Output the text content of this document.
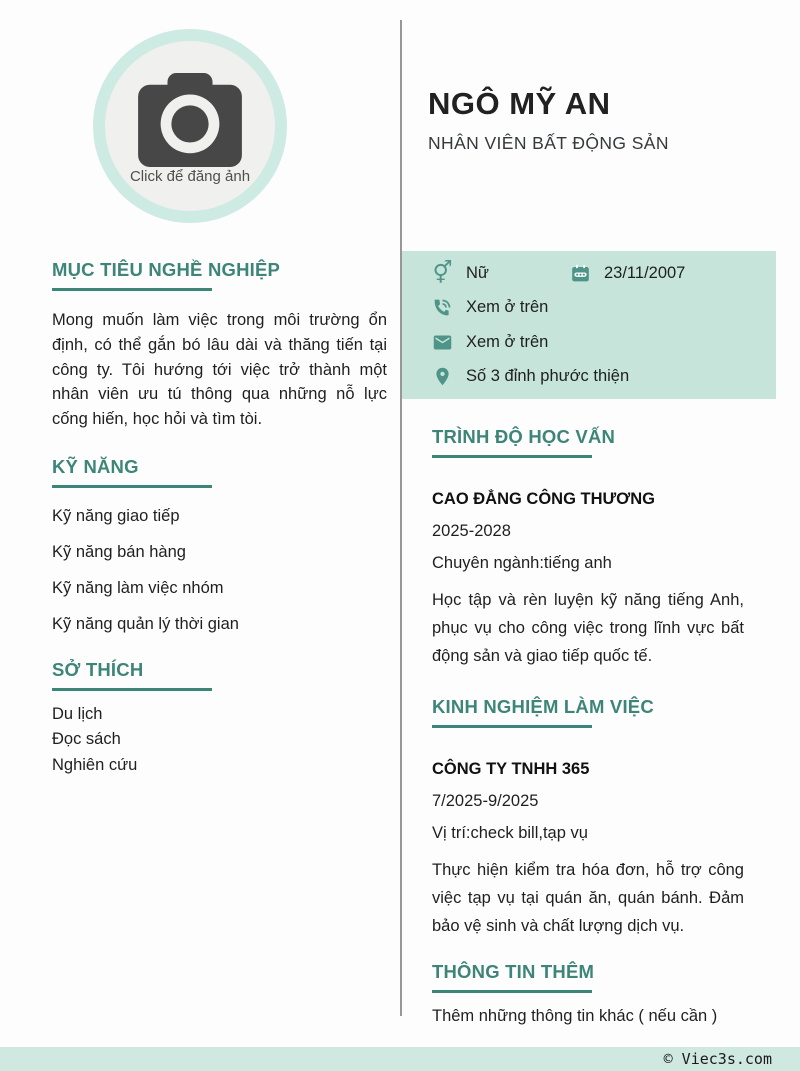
Click để đăng ảnh
MỤC TIÊU NGHỀ NGHIỆP

Mong muốn làm việc trong môi trường ổn định, có thể gắn bó lâu dài và thăng tiến tại công ty. Tôi hướng tới việc trở thành một nhân viên ưu tú thông qua những nỗ lực cống hiến, học hỏi và tìm tòi.

KỸ NĂNG
Kỹ năng giao tiếp
Kỹ năng bán hàng
Kỹ năng làm việc nhóm
Kỹ năng quản lý thời gian
SỞ THÍCH
Du lịch
Đọc sách
Nghiên cứu
NGÔ MỸ AN
NHÂN VIÊN BẤT ĐỘNG SẢN
⚥ Nữ	23/11/2007
Xem ở trên
Xem ở trên
Số 3 đỉnh phước thiện
TRÌNH ĐỘ HỌC VẤN
CAO ĐẲNG CÔNG THƯƠNG
2025-2028
Chuyên ngành:tiếng anh

Học tập và rèn luyện kỹ năng tiếng Anh, phục vụ cho công việc trong lĩnh vực bất động sản và giao tiếp quốc tế.

KINH NGHIỆM LÀM VIỆC
CÔNG TY TNHH 365
7/2025-9/2025
Vị trí:check bill,tạp vụ

Thực hiện kiểm tra hóa đơn, hỗ trợ công việc tạp vụ tại quán ăn, quán bánh. Đảm bảo vệ sinh và chất lượng dịch vụ.

THÔNG TIN THÊM

Thêm những thông tin khác ( nếu cần )

© Viec3s.com
